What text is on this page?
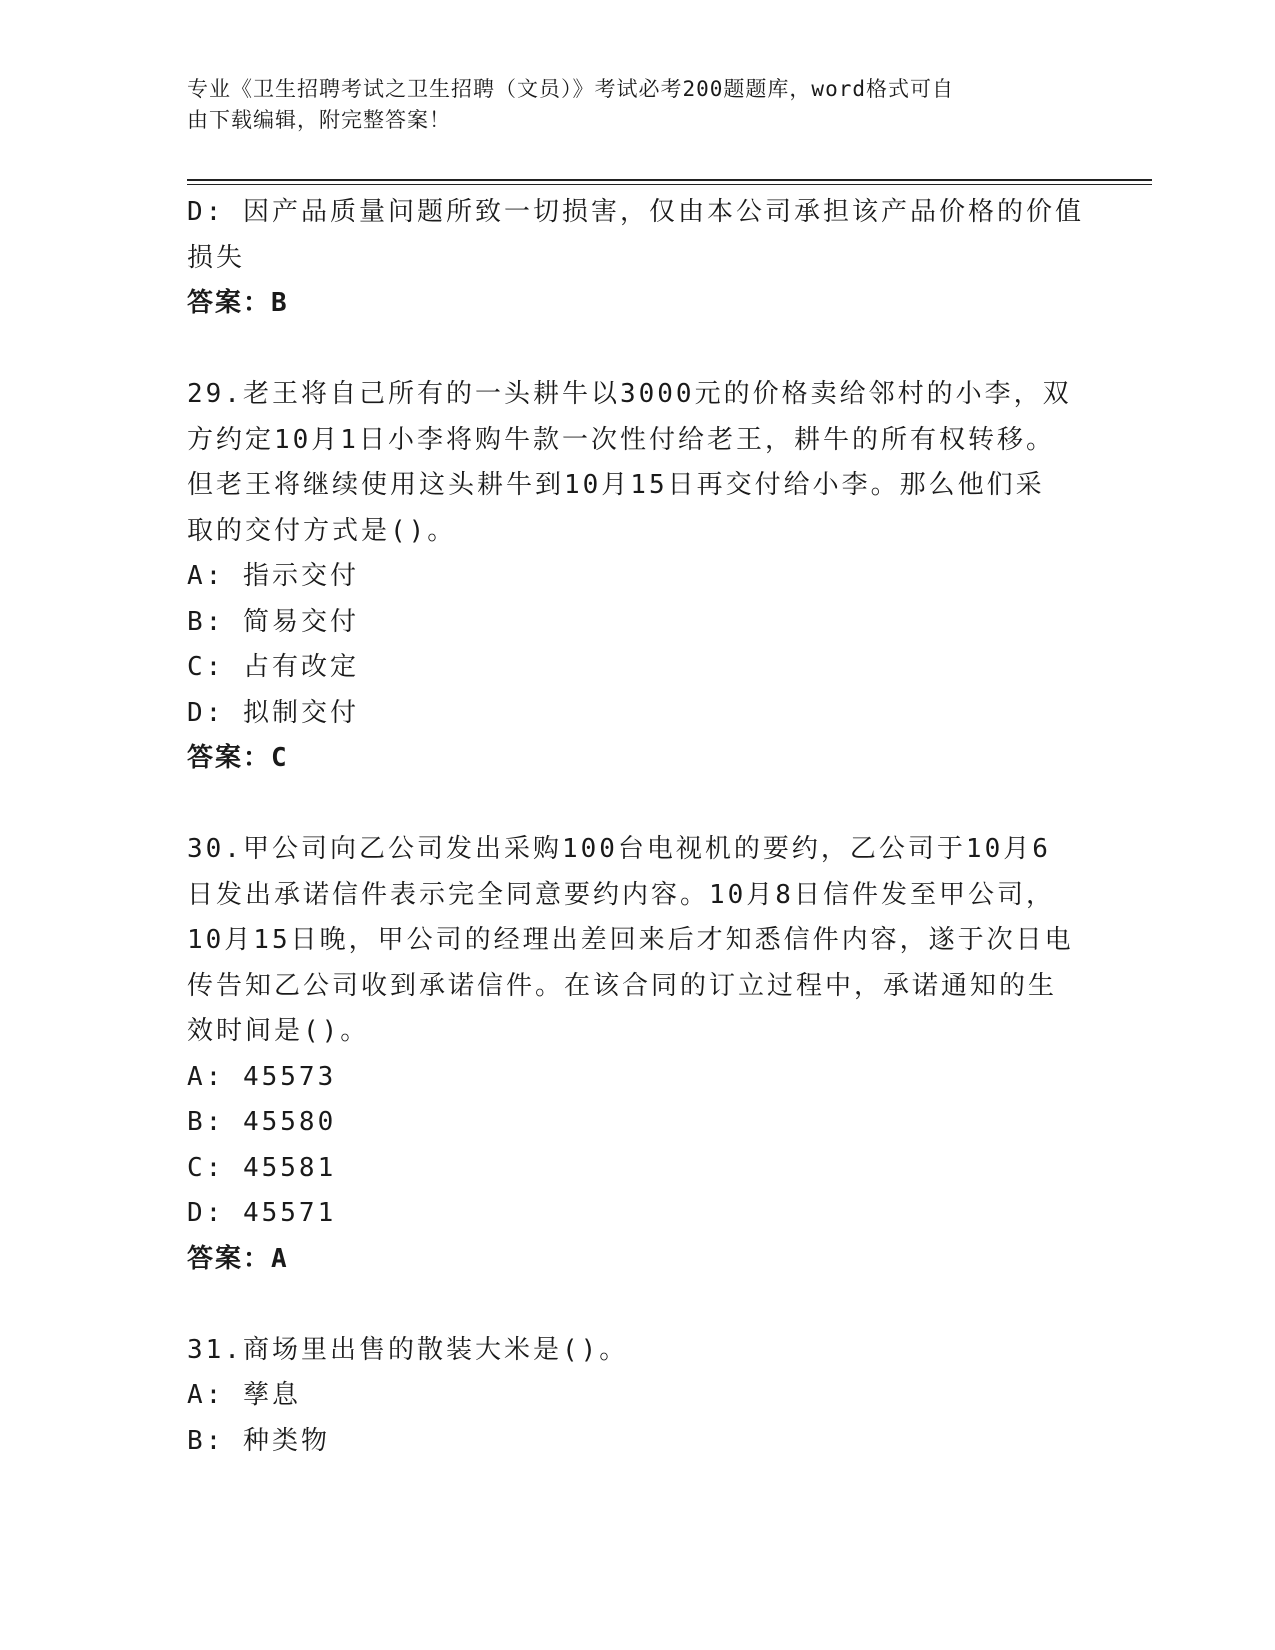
专业《卫生招聘考试之卫生招聘（文员）》考试必考200题题库，word格式可自
由下载编辑，附完整答案！
D: 因产品质量问题所致一切损害，仅由本公司承担该产品价格的价值
损失
答案：B
29.老王将自己所有的一头耕牛以3000元的价格卖给邻村的小李，双
方约定10月1日小李将购牛款一次性付给老王，耕牛的所有权转移。
但老王将继续使用这头耕牛到10月15日再交付给小李。那么他们采
取的交付方式是()。
A: 指示交付
B: 简易交付
C: 占有改定
D: 拟制交付
答案：C
30.甲公司向乙公司发出采购100台电视机的要约，乙公司于10月6
日发出承诺信件表示完全同意要约内容。10月8日信件发至甲公司，
10月15日晚，甲公司的经理出差回来后才知悉信件内容，遂于次日电
传告知乙公司收到承诺信件。在该合同的订立过程中，承诺通知的生
效时间是()。
A: 45573
B: 45580
C: 45581
D: 45571
答案：A
31.商场里出售的散装大米是()。
A: 孳息
B: 种类物
